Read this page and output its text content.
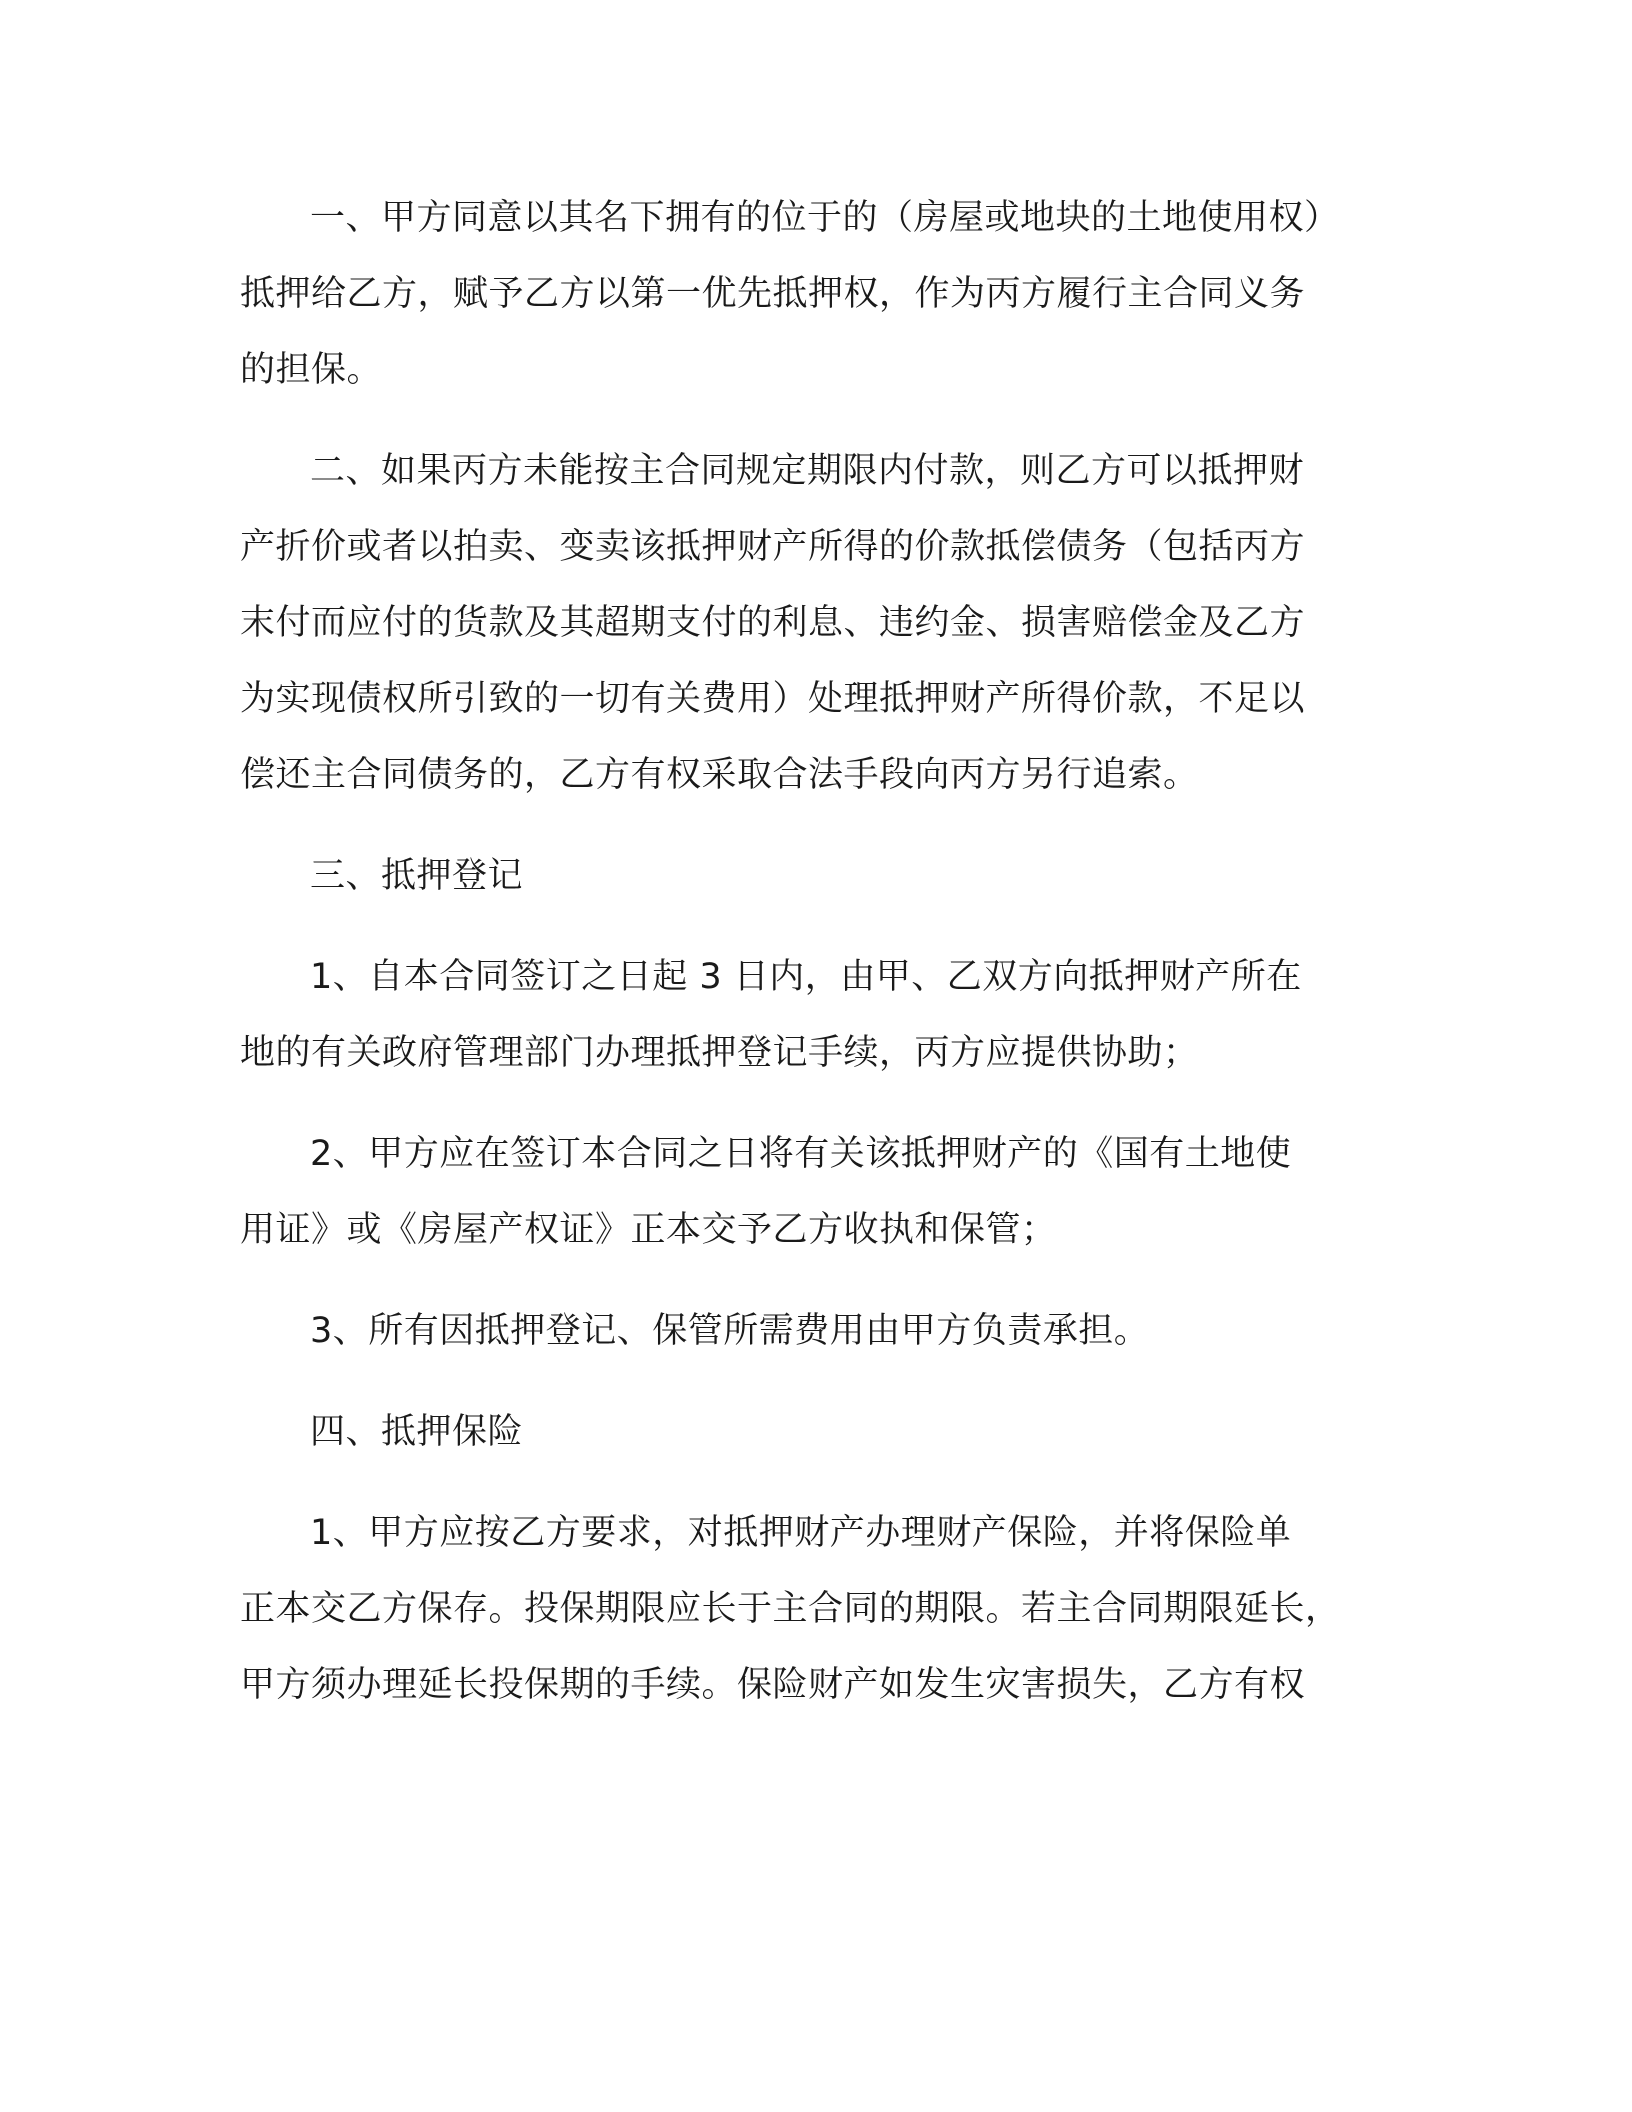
一、甲方同意以其名下拥有的位于的（房屋或地块的土地使用权）
抵押给乙方，赋予乙方以第一优先抵押权，作为丙方履行主合同义务
的担保。

二、如果丙方未能按主合同规定期限内付款，则乙方可以抵押财
产折价或者以拍卖、变卖该抵押财产所得的价款抵偿债务（包括丙方
末付而应付的货款及其超期支付的利息、违约金、损害赔偿金及乙方
为实现债权所引致的一切有关费用）处理抵押财产所得价款，不足以
偿还主合同债务的，乙方有权采取合法手段向丙方另行追索。

三、抵押登记

1、自本合同签订之日起 3 日内，由甲、乙双方向抵押财产所在
地的有关政府管理部门办理抵押登记手续，丙方应提供协助；

2、甲方应在签订本合同之日将有关该抵押财产的《国有土地使
用证》或《房屋产权证》正本交予乙方收执和保管；

3、所有因抵押登记、保管所需费用由甲方负责承担。

四、抵押保险

1、甲方应按乙方要求，对抵押财产办理财产保险，并将保险单
正本交乙方保存。投保期限应长于主合同的期限。若主合同期限延长，
甲方须办理延长投保期的手续。保险财产如发生灾害损失，乙方有权
